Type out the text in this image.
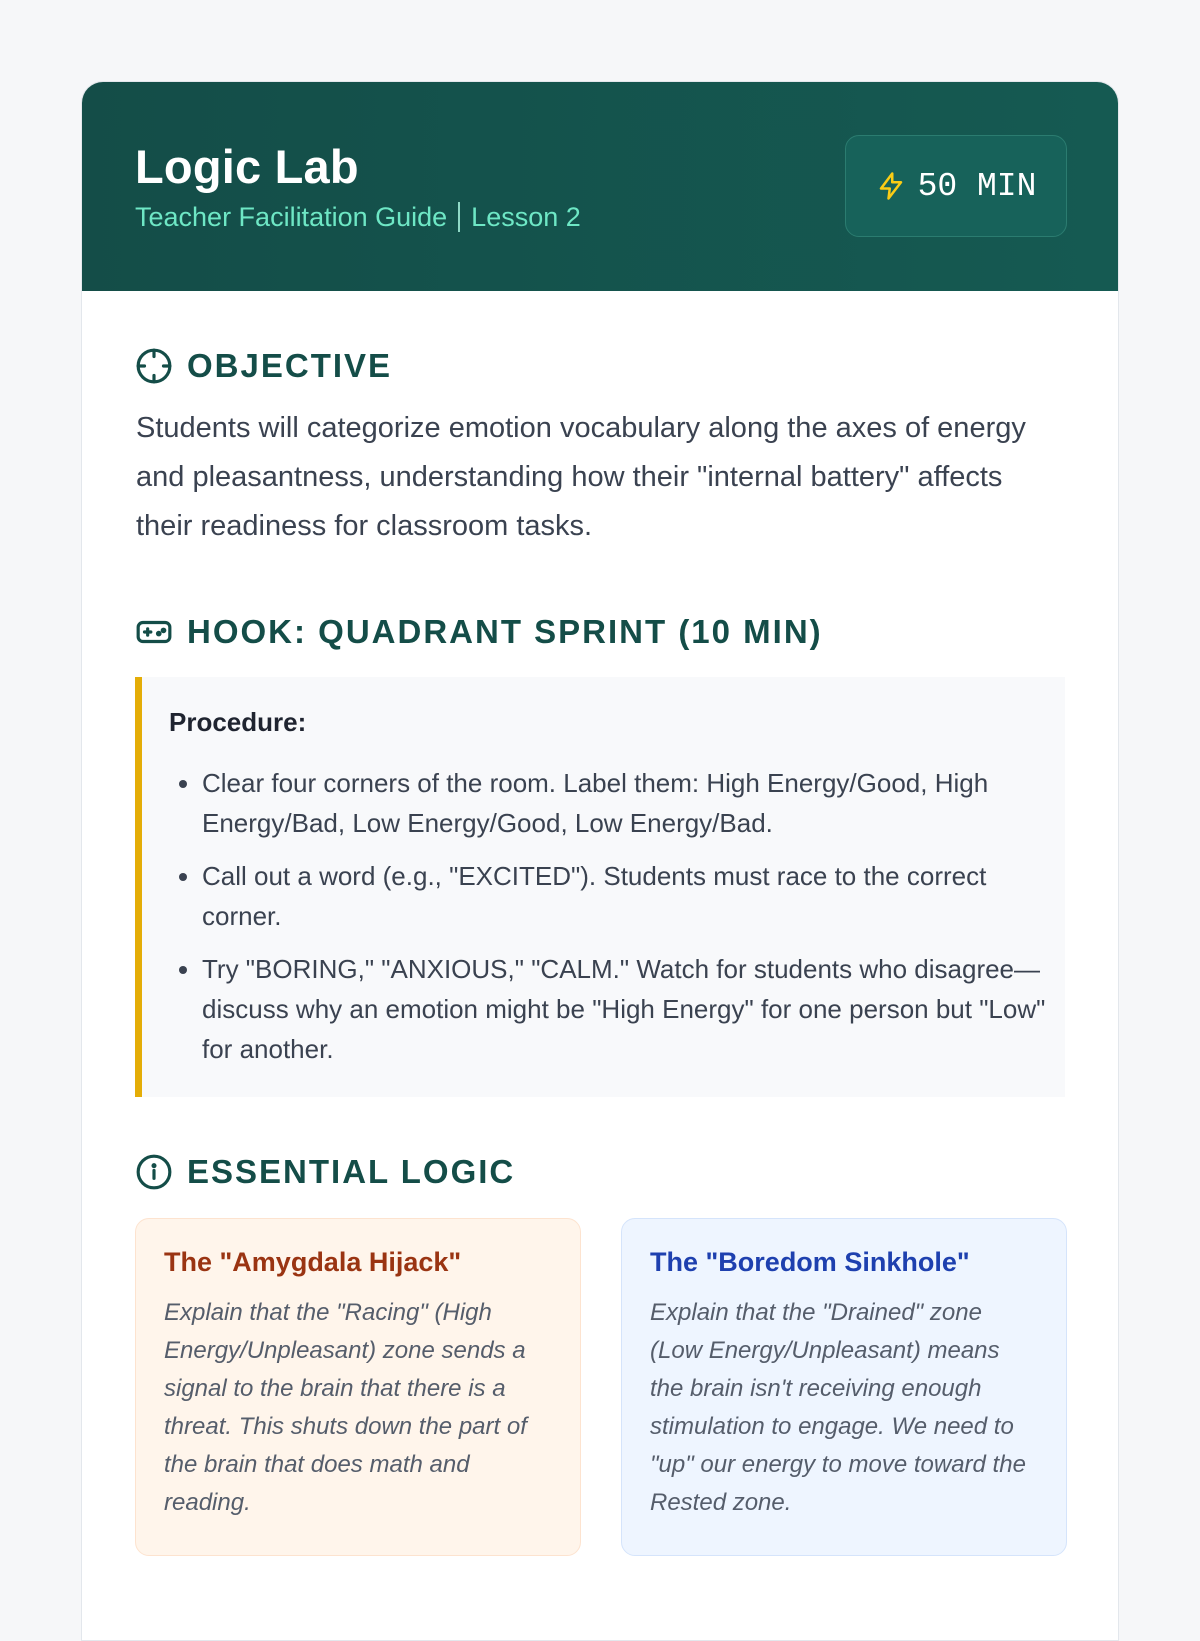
Logic Lab
Teacher Facilitation Guide Lesson 2
50 MIN
OBJECTIVE

Students will categorize emotion vocabulary along the axes of energy and pleasantness, understanding how their "internal battery" affects their readiness for classroom tasks.

HOOK: QUADRANT SPRINT (10 MIN)
Procedure:
• Clear four corners of the room. Label them: High Energy/Good, High Energy/Bad, Low Energy/Good, Low Energy/Bad.
• Call out a word (e.g., "EXCITED"). Students must race to the correct corner.
• Try "BORING," "ANXIOUS," "CALM." Watch for students who disagree—discuss why an emotion might be "High Energy" for one person but "Low" for another.
ESSENTIAL LOGIC
The "Amygdala Hijack"

Explain that the "Racing" (High Energy/Unpleasant) zone sends a signal to the brain that there is a threat. This shuts down the part of the brain that does math and reading.

The "Boredom Sinkhole"

Explain that the "Drained" zone (Low Energy/Unpleasant) means the brain isn't receiving enough stimulation to engage. We need to "up" our energy to move toward the Rested zone.
